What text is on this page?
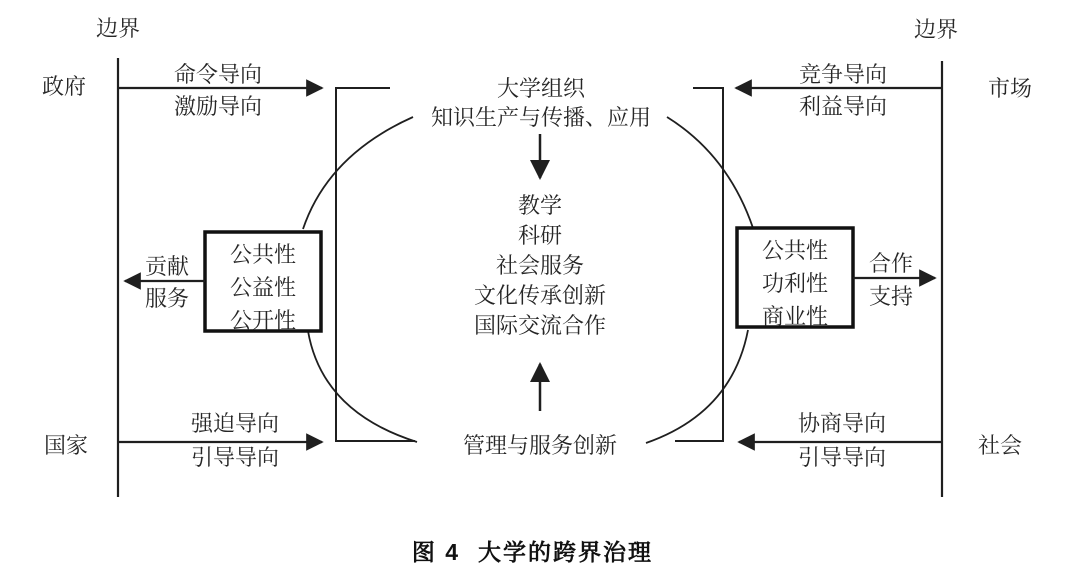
边界	边界
政府
国家
市场
社会
命令导向
激励导向
竞争导向
利益导向
强迫导向
引导导向
协商导向
引导导向
公共性
公益性
公开性
贡献
服务
公共性
功利性
商业性
合作
支持
大学组织
知识生产与传播、应用
教学
科研
社会服务
文化传承创新
国际交流合作
管理与服务创新
图 4 大学的跨界治理
